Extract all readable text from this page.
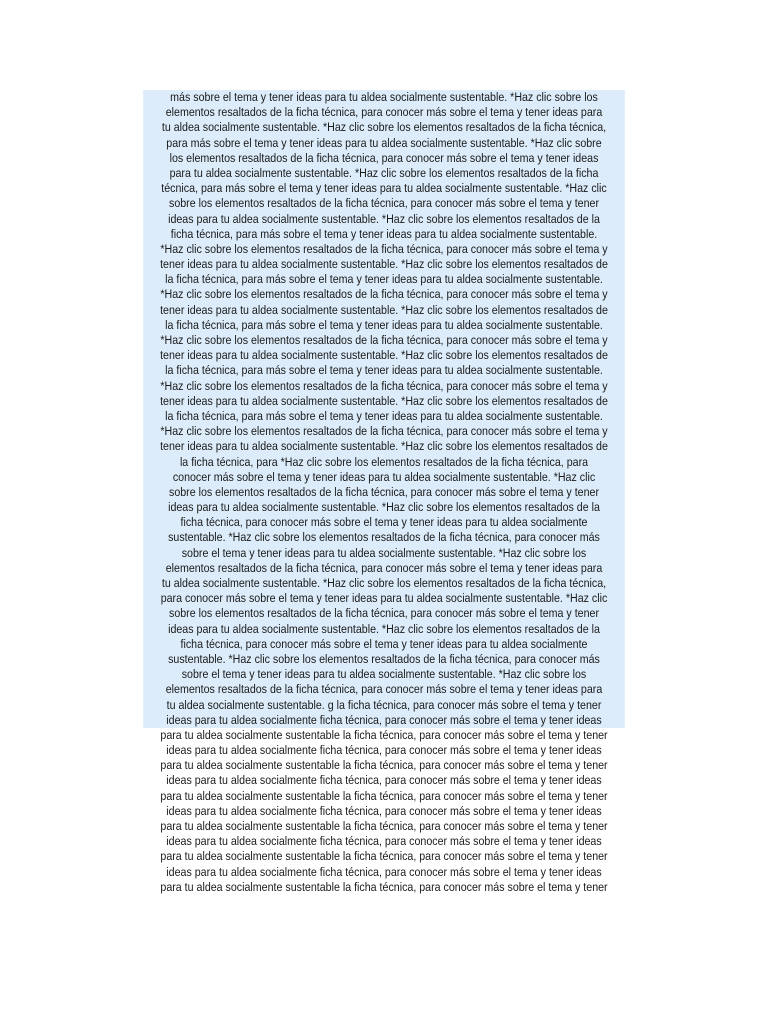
más sobre el tema y tener ideas para tu aldea socialmente sustentable. *Haz clic sobre los
elementos resaltados de la ficha técnica, para conocer más sobre el tema y tener ideas para
tu aldea socialmente sustentable. *Haz clic sobre los elementos resaltados de la ficha técnica,
para más sobre el tema y tener ideas para tu aldea socialmente sustentable. *Haz clic sobre
los elementos resaltados de la ficha técnica, para conocer más sobre el tema y tener ideas
para tu aldea socialmente sustentable. *Haz clic sobre los elementos resaltados de la ficha
técnica, para más sobre el tema y tener ideas para tu aldea socialmente sustentable. *Haz clic
sobre los elementos resaltados de la ficha técnica, para conocer más sobre el tema y tener
ideas para tu aldea socialmente sustentable. *Haz clic sobre los elementos resaltados de la
ficha técnica, para más sobre el tema y tener ideas para tu aldea socialmente sustentable.
*Haz clic sobre los elementos resaltados de la ficha técnica, para conocer más sobre el tema y
tener ideas para tu aldea socialmente sustentable. *Haz clic sobre los elementos resaltados de
la ficha técnica, para más sobre el tema y tener ideas para tu aldea socialmente sustentable.
*Haz clic sobre los elementos resaltados de la ficha técnica, para conocer más sobre el tema y
tener ideas para tu aldea socialmente sustentable. *Haz clic sobre los elementos resaltados de
la ficha técnica, para más sobre el tema y tener ideas para tu aldea socialmente sustentable.
*Haz clic sobre los elementos resaltados de la ficha técnica, para conocer más sobre el tema y
tener ideas para tu aldea socialmente sustentable. *Haz clic sobre los elementos resaltados de
la ficha técnica, para más sobre el tema y tener ideas para tu aldea socialmente sustentable.
*Haz clic sobre los elementos resaltados de la ficha técnica, para conocer más sobre el tema y
tener ideas para tu aldea socialmente sustentable. *Haz clic sobre los elementos resaltados de
la ficha técnica, para más sobre el tema y tener ideas para tu aldea socialmente sustentable.
*Haz clic sobre los elementos resaltados de la ficha técnica, para conocer más sobre el tema y
tener ideas para tu aldea socialmente sustentable. *Haz clic sobre los elementos resaltados de
la ficha técnica, para *Haz clic sobre los elementos resaltados de la ficha técnica, para
conocer más sobre el tema y tener ideas para tu aldea socialmente sustentable. *Haz clic
sobre los elementos resaltados de la ficha técnica, para conocer más sobre el tema y tener
ideas para tu aldea socialmente sustentable. *Haz clic sobre los elementos resaltados de la
ficha técnica, para conocer más sobre el tema y tener ideas para tu aldea socialmente
sustentable. *Haz clic sobre los elementos resaltados de la ficha técnica, para conocer más
sobre el tema y tener ideas para tu aldea socialmente sustentable. *Haz clic sobre los
elementos resaltados de la ficha técnica, para conocer más sobre el tema y tener ideas para
tu aldea socialmente sustentable. *Haz clic sobre los elementos resaltados de la ficha técnica,
para conocer más sobre el tema y tener ideas para tu aldea socialmente sustentable. *Haz clic
sobre los elementos resaltados de la ficha técnica, para conocer más sobre el tema y tener
ideas para tu aldea socialmente sustentable. *Haz clic sobre los elementos resaltados de la
ficha técnica, para conocer más sobre el tema y tener ideas para tu aldea socialmente
sustentable. *Haz clic sobre los elementos resaltados de la ficha técnica, para conocer más
sobre el tema y tener ideas para tu aldea socialmente sustentable. *Haz clic sobre los
elementos resaltados de la ficha técnica, para conocer más sobre el tema y tener ideas para
tu aldea socialmente sustentable. g la ficha técnica, para conocer más sobre el tema y tener
ideas para tu aldea socialmente ficha técnica, para conocer más sobre el tema y tener ideas
para tu aldea socialmente sustentable la ficha técnica, para conocer más sobre el tema y tener
ideas para tu aldea socialmente ficha técnica, para conocer más sobre el tema y tener ideas
para tu aldea socialmente sustentable la ficha técnica, para conocer más sobre el tema y tener
ideas para tu aldea socialmente ficha técnica, para conocer más sobre el tema y tener ideas
para tu aldea socialmente sustentable la ficha técnica, para conocer más sobre el tema y tener
ideas para tu aldea socialmente ficha técnica, para conocer más sobre el tema y tener ideas
para tu aldea socialmente sustentable la ficha técnica, para conocer más sobre el tema y tener
ideas para tu aldea socialmente ficha técnica, para conocer más sobre el tema y tener ideas
para tu aldea socialmente sustentable la ficha técnica, para conocer más sobre el tema y tener
ideas para tu aldea socialmente ficha técnica, para conocer más sobre el tema y tener ideas
para tu aldea socialmente sustentable la ficha técnica, para conocer más sobre el tema y tener
